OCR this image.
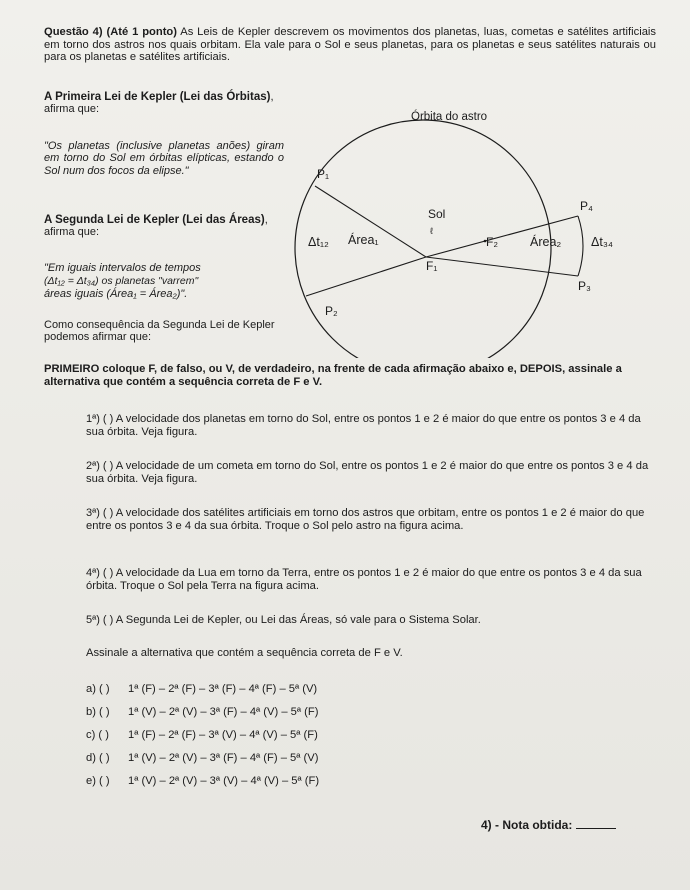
Questão 4) (Até 1 ponto) As Leis de Kepler descrevem os movimentos dos planetas, luas, cometas e satélites artificiais em torno dos astros nos quais orbitam. Ela vale para o Sol e seus planetas, para os planetas e seus satélites naturais ou para os planetas e satélites artificiais.
A Primeira Lei de Kepler (Lei das Órbitas), afirma que:
"Os planetas (inclusive planetas anões) giram em torno do Sol em órbitas elípticas, estando o Sol num dos focos da elipse."
A Segunda Lei de Kepler (Lei das Áreas), afirma que:
"Em iguais intervalos de tempos
(Δt₁₂ = Δt₃₄) os planetas "varrem"
áreas iguais (Área₁ = Área₂)".
Como consequência da Segunda Lei de Kepler podemos afirmar que:
Órbita do astro
P₁
P₂
P₃
P₄
Sol
ℓ
F₁
F₂
Área₁	Área₂
Δt₁₂	Δt₃₄
PRIMEIRO coloque F, de falso, ou V, de verdadeiro, na frente de cada afirmação abaixo e, DEPOIS, assinale a alternativa que contém a sequência correta de F e V.
1ª) ( ) A velocidade dos planetas em torno do Sol, entre os pontos 1 e 2 é maior do que entre os pontos 3 e 4 da sua órbita. Veja figura.
2ª) ( ) A velocidade de um cometa em torno do Sol, entre os pontos 1 e 2 é maior do que entre os pontos 3 e 4 da sua órbita. Veja figura.
3ª) ( ) A velocidade dos satélites artificiais em torno dos astros que orbitam, entre os pontos 1 e 2 é maior do que entre os pontos 3 e 4 da sua órbita. Troque o Sol pelo astro na figura acima.
4ª) ( ) A velocidade da Lua em torno da Terra, entre os pontos 1 e 2 é maior do que entre os pontos 3 e 4 da sua órbita. Troque o Sol pela Terra na figura acima.
5ª) ( ) A Segunda Lei de Kepler, ou Lei das Áreas, só vale para o Sistema Solar.
Assinale a alternativa que contém a sequência correta de F e V.
a) ( ) 1ª (F) – 2ª (F) – 3ª (F) – 4ª (F) – 5ª (V)
b) ( ) 1ª (V) – 2ª (V) – 3ª (F) – 4ª (V) – 5ª (F)
c) ( ) 1ª (F) – 2ª (F) – 3ª (V) – 4ª (V) – 5ª (F)
d) ( ) 1ª (V) – 2ª (V) – 3ª (F) – 4ª (F) – 5ª (V)
e) ( ) 1ª (V) – 2ª (V) – 3ª (V) – 4ª (V) – 5ª (F)
4) - Nota obtida:
